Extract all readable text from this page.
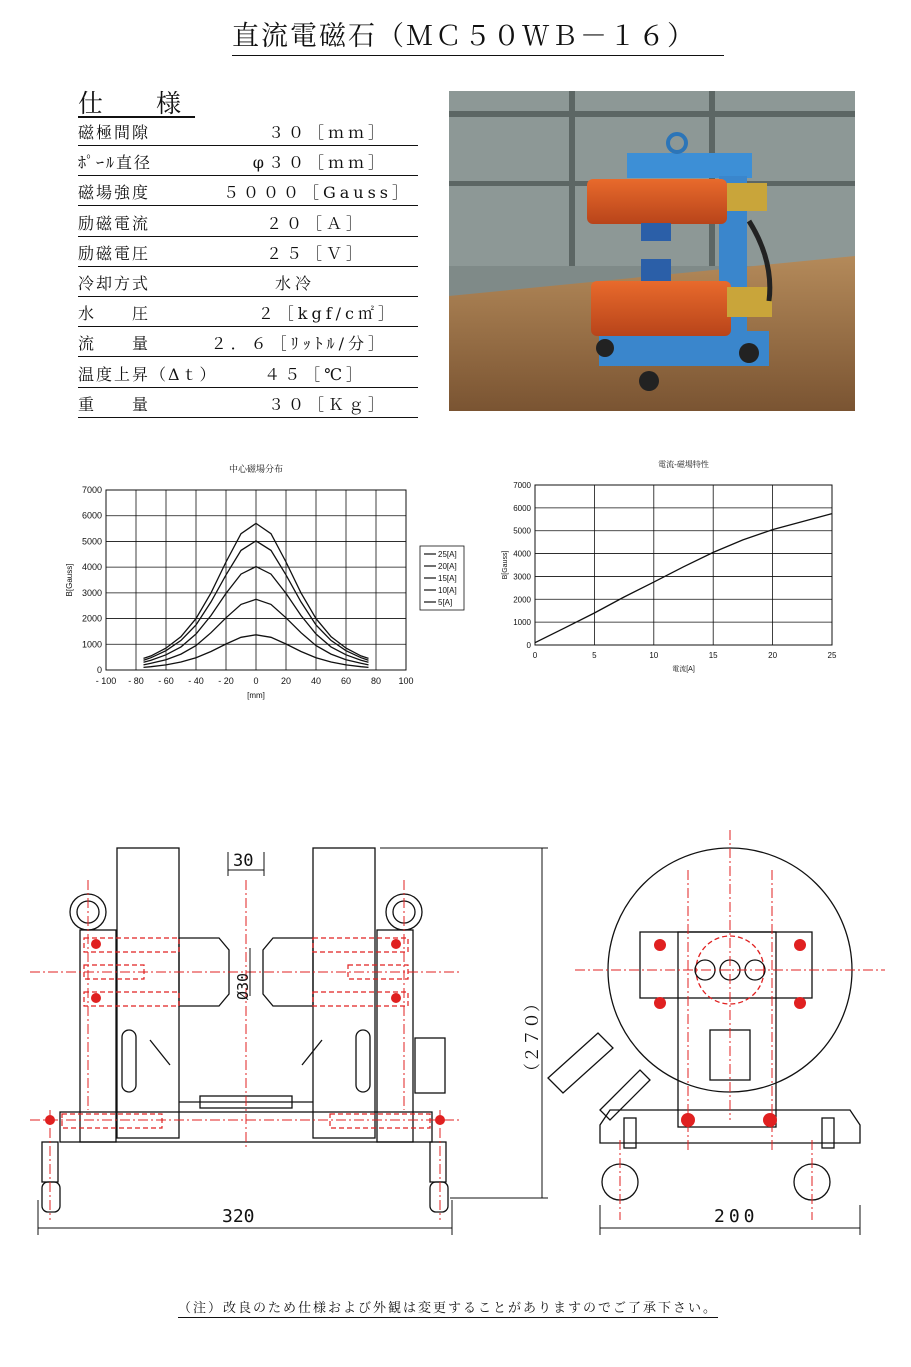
直流電磁石（ＭＣ５０ＷＢ－１６）
仕　様
磁極間隙	３０［ｍｍ］
ﾎﾟｰﾙ直径	φ３０［ｍｍ］
磁場強度	５０００［Gauss］
励磁電流	２０［Ａ］
励磁電圧	２５［Ｖ］
冷却方式	水冷
水　　圧	２［kgf/c㎡］
流　　量	２．６［ﾘｯﾄﾙ/分］
温度上昇（Δｔ）	４５［℃］
重　　量	３０［Ｋｇ］
0
1000
2000
3000
4000
5000
6000
7000
- 100 - 80 - 60 - 40 - 20 0 20 40 60 80 100
中心磁場分布
[mm]
B[Gauss]
25[A]
20[A]
15[A]
10[A]
5[A]
0
1000
2000
3000
4000
5000
6000
7000
0	5	10	15	20	25
電流-磁場特性
電流[A]
B[Gauss]
30
Ø30
（２７０）
320	200
（注）改良のため仕様および外観は変更することがありますのでご了承下さい。
